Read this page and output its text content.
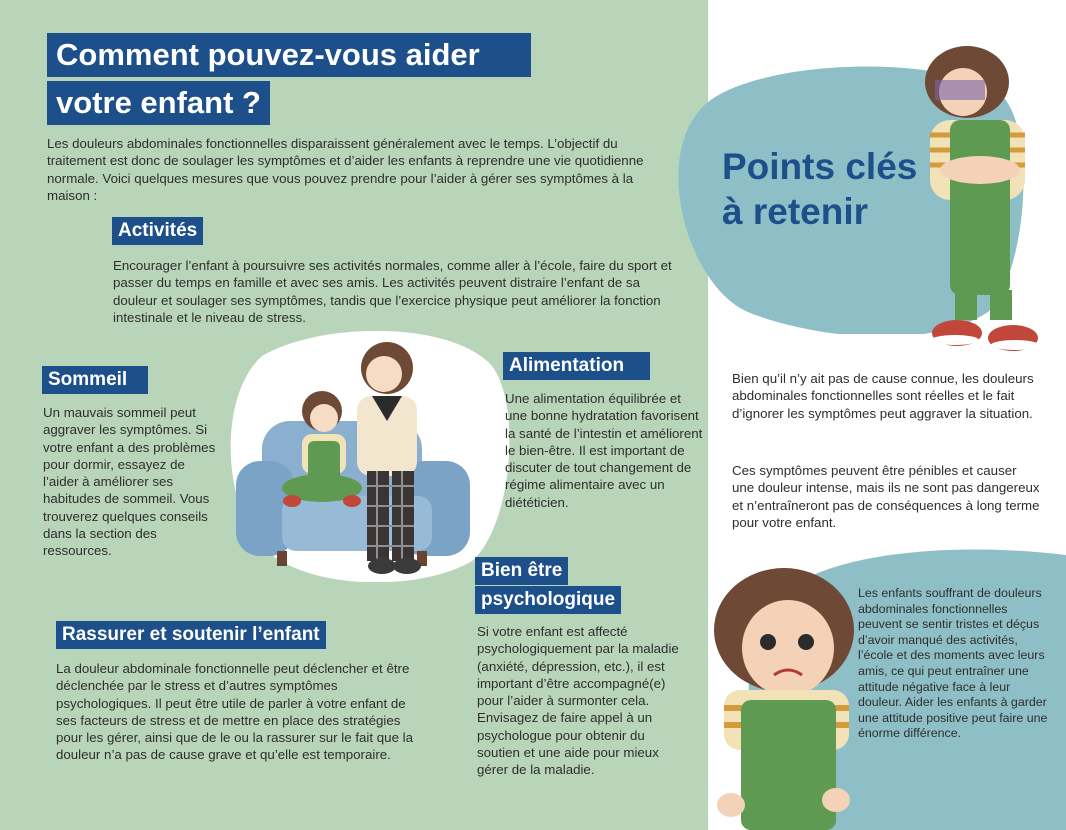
Comment pouvez-vous aider
votre enfant ?

Les douleurs abdominales fonctionnelles disparaissent généralement avec le temps. L’objectif du traitement est donc de soulager les symptômes et d’aider les enfants à reprendre une vie quotidienne normale. Voici quelques mesures que vous pouvez prendre pour l’aider à gérer ses symptômes à la maison :

Activités

Encourager l’enfant à poursuivre ses activités normales, comme aller à l’école, faire du sport et passer du temps en famille et avec ses amis. Les activités peuvent distraire l’enfant de sa douleur et soulager ses symptômes, tandis que l’exercice physique peut améliorer la fonction intestinale et le niveau de stress.

Sommeil

Un mauvais sommeil peut aggraver les symptômes. Si votre enfant a des problèmes pour dormir, essayez de l’aider à améliorer ses habitudes de sommeil. Vous trouverez quelques conseils dans la section des ressources.

Alimentation

Une alimentation équilibrée et une bonne hydratation favorisent la santé de l’intestin et améliorent le bien-être. Il est important de discuter de tout changement de régime alimentaire avec un diététicien.

Bien être
psychologique

Si votre enfant est affecté psychologiquement par la maladie (anxiété, dépression, etc.), il est important d’être accompagné(e) pour l’aider à surmonter cela. Envisagez de faire appel à un psychologue pour obtenir du soutien et une aide pour mieux gérer de la maladie.

Rassurer et soutenir l’enfant

La douleur abdominale fonctionnelle peut déclencher et être déclenchée par le stress et d’autres symptômes psychologiques. Il peut être utile de parler à votre enfant de ses facteurs de stress et de mettre en place des stratégies pour les gérer, ainsi que de le ou la rassurer sur le fait que la douleur n’a pas de cause grave et qu’elle est temporaire.

Points clés
à retenir

Bien qu’il n’y ait pas de cause connue, les douleurs abdominales fonctionnelles sont réelles et le fait d’ignorer les symptômes peut aggraver la situation.

Ces symptômes peuvent être pénibles et causer une douleur intense, mais ils ne sont pas dangereux et n’entraîneront pas de conséquences à long terme pour votre enfant.

Les enfants souffrant de douleurs abdominales fonctionnelles peuvent se sentir tristes et déçus d’avoir manqué des activités, l’école et des moments avec leurs amis, ce qui peut entraîner une attitude négative face à leur douleur. Aider les enfants à garder une attitude positive peut faire une énorme différence.
